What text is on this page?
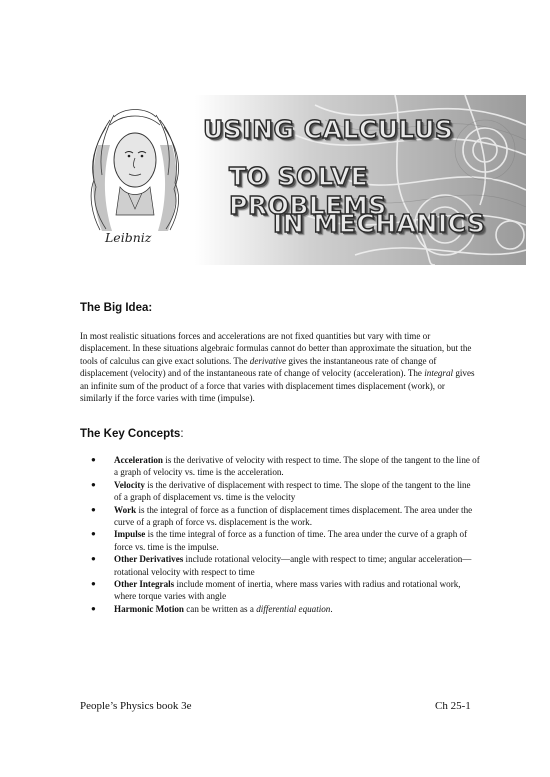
Leibniz
USING CALCULUS
TO SOLVE PROBLEMS
IN MECHANICS
The Big Idea:

In most realistic situations forces and accelerations are not fixed quantities but vary with time or displacement. In these situations algebraic formulas cannot do better than approximate the situation, but the tools of calculus can give exact solutions. The derivative gives the instantaneous rate of change of displacement (velocity) and of the instantaneous rate of change of velocity (acceleration). The integral gives an infinite sum of the product of a force that varies with displacement times displacement (work), or similarly if the force varies with time (impulse).

The Key Concepts:
● Acceleration is the derivative of velocity with respect to time. The slope of the tangent to the line of a graph of velocity vs. time is the acceleration.
● Velocity is the derivative of displacement with respect to time. The slope of the tangent to the line of a graph of displacement vs. time is the velocity
● Work is the integral of force as a function of displacement times displacement. The area under the curve of a graph of force vs. displacement is the work.
● Impulse is the time integral of force as a function of time. The area under the curve of a graph of force vs. time is the impulse.
● Other Derivatives include rotational velocity—angle with respect to time; angular acceleration—rotational velocity with respect to time
● Other Integrals include moment of inertia, where mass varies with radius and rotational work, where torque varies with angle
● Harmonic Motion can be written as a differential equation.
People’s Physics book 3e	Ch 25-1
